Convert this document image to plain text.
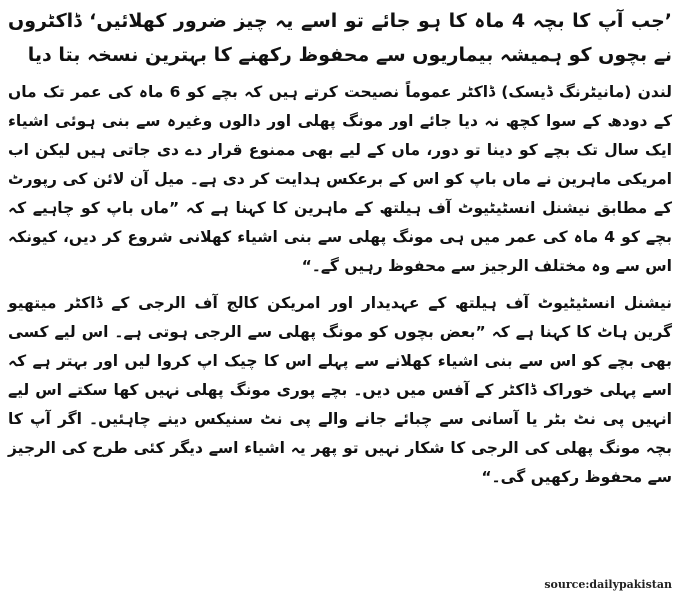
’جب آپ کا بچہ 4 ماہ کا ہو جائے تو اسے یہ چیز ضرور کھلائیں‘ ڈاکٹروں نے بچوں کو ہمیشہ بیماریوں سے محفوظ رکھنے کا بہترین نسخہ بتا دیا
لندن (مانیٹرنگ ڈیسک) ڈاکٹر عموماً نصیحت کرتے ہیں کہ بچے کو 6 ماہ کی عمر تک ماں کے دودھ کے سوا کچھ نہ دیا جائے اور مونگ پھلی اور دالوں وغیرہ سے بنی ہوئی اشیاء ایک سال تک بچے کو دینا تو دور، ماں کے لیے بھی ممنوع قرار دے دی جاتی ہیں لیکن اب امریکی ماہرین نے ماں باپ کو اس کے برعکس ہدایت کر دی ہے۔ میل آن لائن کی رپورٹ کے مطابق نیشنل انسٹیٹیوٹ آف ہیلتھ کے ماہرین کا کہنا ہے کہ ”ماں باپ کو چاہیے کہ بچے کو 4 ماہ کی عمر میں ہی مونگ پھلی سے بنی اشیاء کھلانی شروع کر دیں، کیونکہ اس سے وہ مختلف الرجیز سے محفوظ رہیں گے۔“
نیشنل انسٹیٹیوٹ آف ہیلتھ کے عہدیدار اور امریکن کالج آف الرجی کے ڈاکٹر میتھیو گرین ہاٹ کا کہنا ہے کہ ”بعض بچوں کو مونگ پھلی سے الرجی ہوتی ہے۔ اس لیے کسی بھی بچے کو اس سے بنی اشیاء کھلانے سے پہلے اس کا چیک اپ کروا لیں اور بہتر ہے کہ اسے پہلی خوراک ڈاکٹر کے آفس میں دیں۔ بچے پوری مونگ پھلی نہیں کھا سکتے اس لیے انہیں پی نٹ بٹر یا آسانی سے چبائے جانے والے پی نٹ سنیکس دینے چاہئیں۔ اگر آپ کا بچہ مونگ پھلی کی الرجی کا شکار نہیں تو پھر یہ اشیاء اسے دیگر کئی طرح کی الرجیز سے محفوظ رکھیں گی۔“
source:dailypakistan
